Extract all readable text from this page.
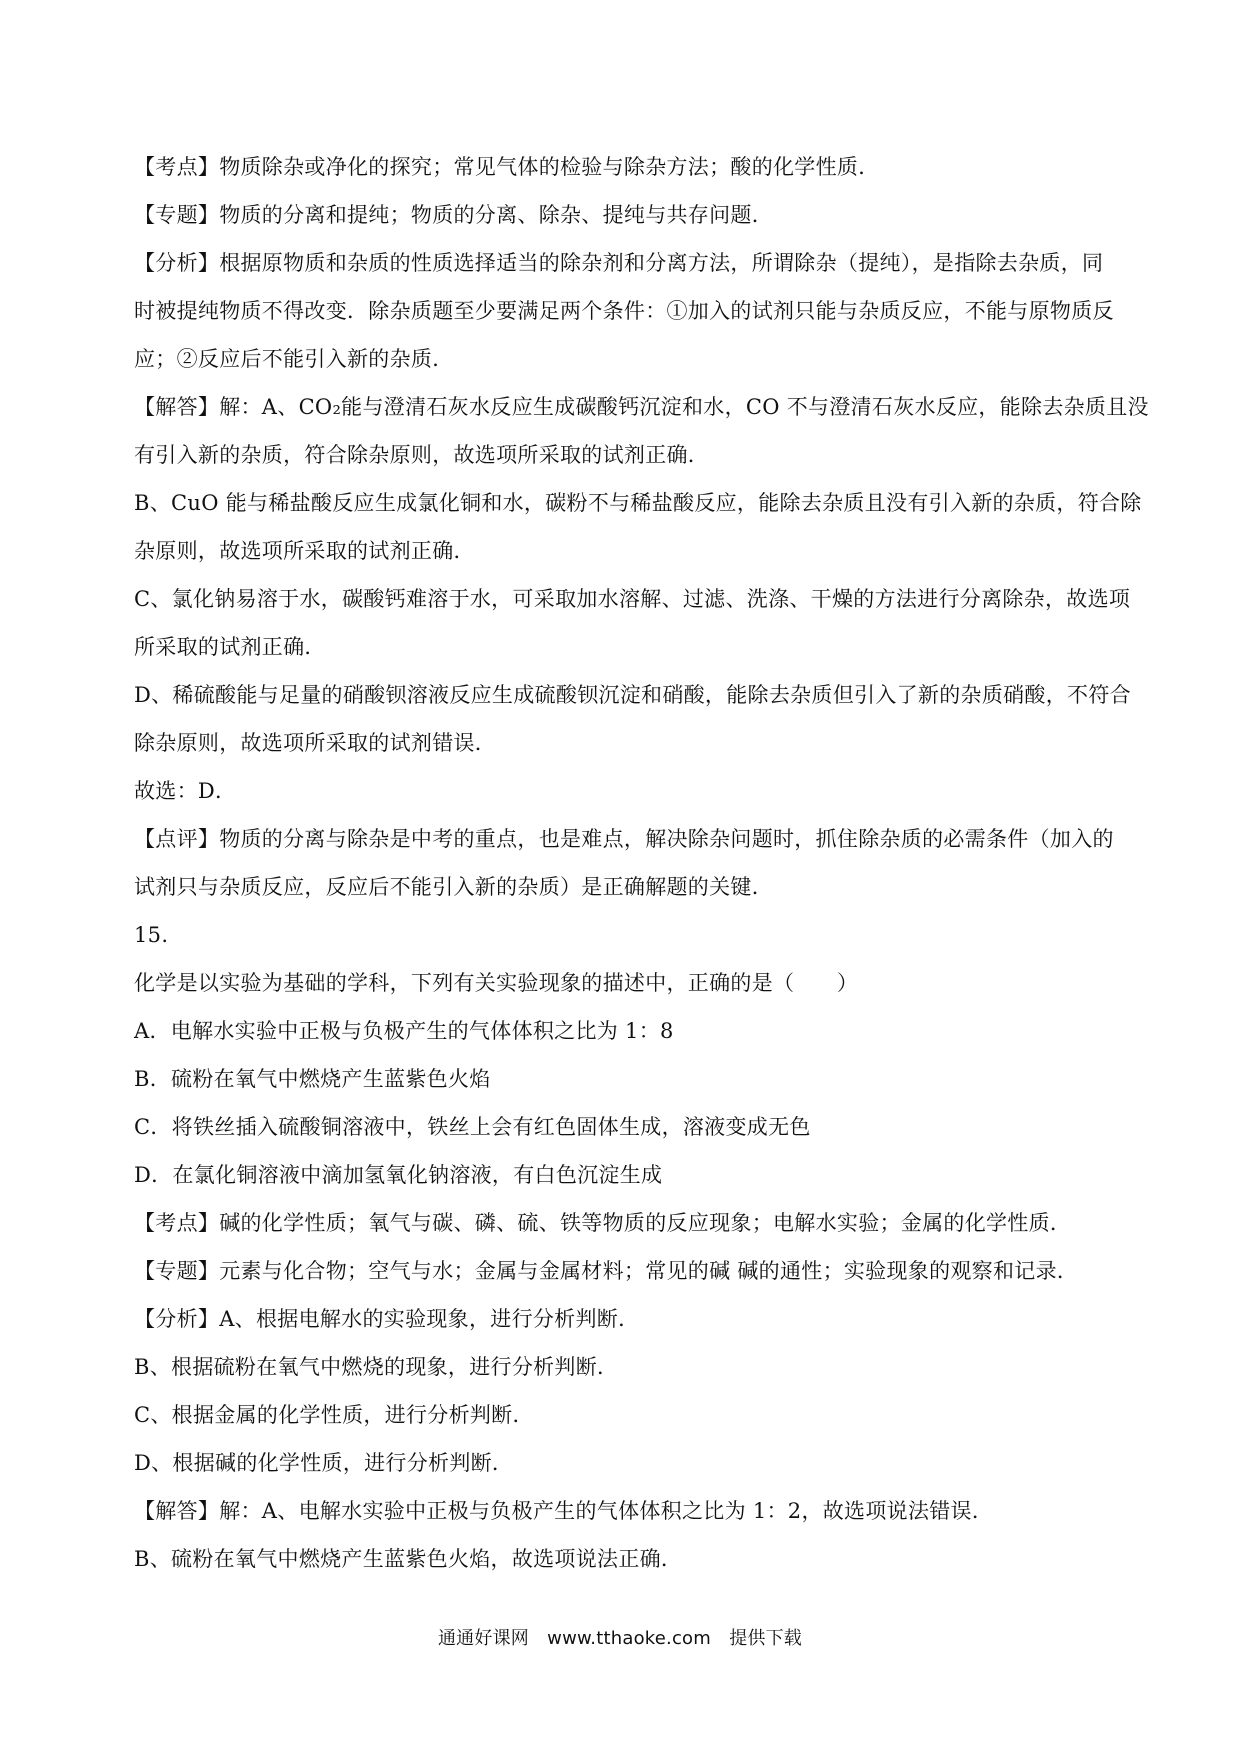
【考点】物质除杂或净化的探究；常见气体的检验与除杂方法；酸的化学性质．
【专题】物质的分离和提纯；物质的分离、除杂、提纯与共存问题．
【分析】根据原物质和杂质的性质选择适当的除杂剂和分离方法，所谓除杂（提纯），是指除去杂质，同
时被提纯物质不得改变．除杂质题至少要满足两个条件：①加入的试剂只能与杂质反应，不能与原物质反
应；②反应后不能引入新的杂质．
【解答】解：A、CO₂能与澄清石灰水反应生成碳酸钙沉淀和水，CO 不与澄清石灰水反应，能除去杂质且没
有引入新的杂质，符合除杂原则，故选项所采取的试剂正确．
B、CuO 能与稀盐酸反应生成氯化铜和水，碳粉不与稀盐酸反应，能除去杂质且没有引入新的杂质，符合除
杂原则，故选项所采取的试剂正确．
C、氯化钠易溶于水，碳酸钙难溶于水，可采取加水溶解、过滤、洗涤、干燥的方法进行分离除杂，故选项
所采取的试剂正确．
D、稀硫酸能与足量的硝酸钡溶液反应生成硫酸钡沉淀和硝酸，能除去杂质但引入了新的杂质硝酸，不符合
除杂原则，故选项所采取的试剂错误．
故选：D．
【点评】物质的分离与除杂是中考的重点，也是难点，解决除杂问题时，抓住除杂质的必需条件（加入的
试剂只与杂质反应，反应后不能引入新的杂质）是正确解题的关键．
15.
化学是以实验为基础的学科，下列有关实验现象的描述中，正确的是（　　）
A．电解水实验中正极与负极产生的气体体积之比为 1：8
B．硫粉在氧气中燃烧产生蓝紫色火焰
C．将铁丝插入硫酸铜溶液中，铁丝上会有红色固体生成，溶液变成无色
D．在氯化铜溶液中滴加氢氧化钠溶液，有白色沉淀生成
【考点】碱的化学性质；氧气与碳、磷、硫、铁等物质的反应现象；电解水实验；金属的化学性质．
【专题】元素与化合物；空气与水；金属与金属材料；常见的碱 碱的通性；实验现象的观察和记录．
【分析】A、根据电解水的实验现象，进行分析判断．
B、根据硫粉在氧气中燃烧的现象，进行分析判断．
C、根据金属的化学性质，进行分析判断．
D、根据碱的化学性质，进行分析判断．
【解答】解：A、电解水实验中正极与负极产生的气体体积之比为 1：2，故选项说法错误．
B、硫粉在氧气中燃烧产生蓝紫色火焰，故选项说法正确．
通通好课网　www.tthaoke.com　提供下载
